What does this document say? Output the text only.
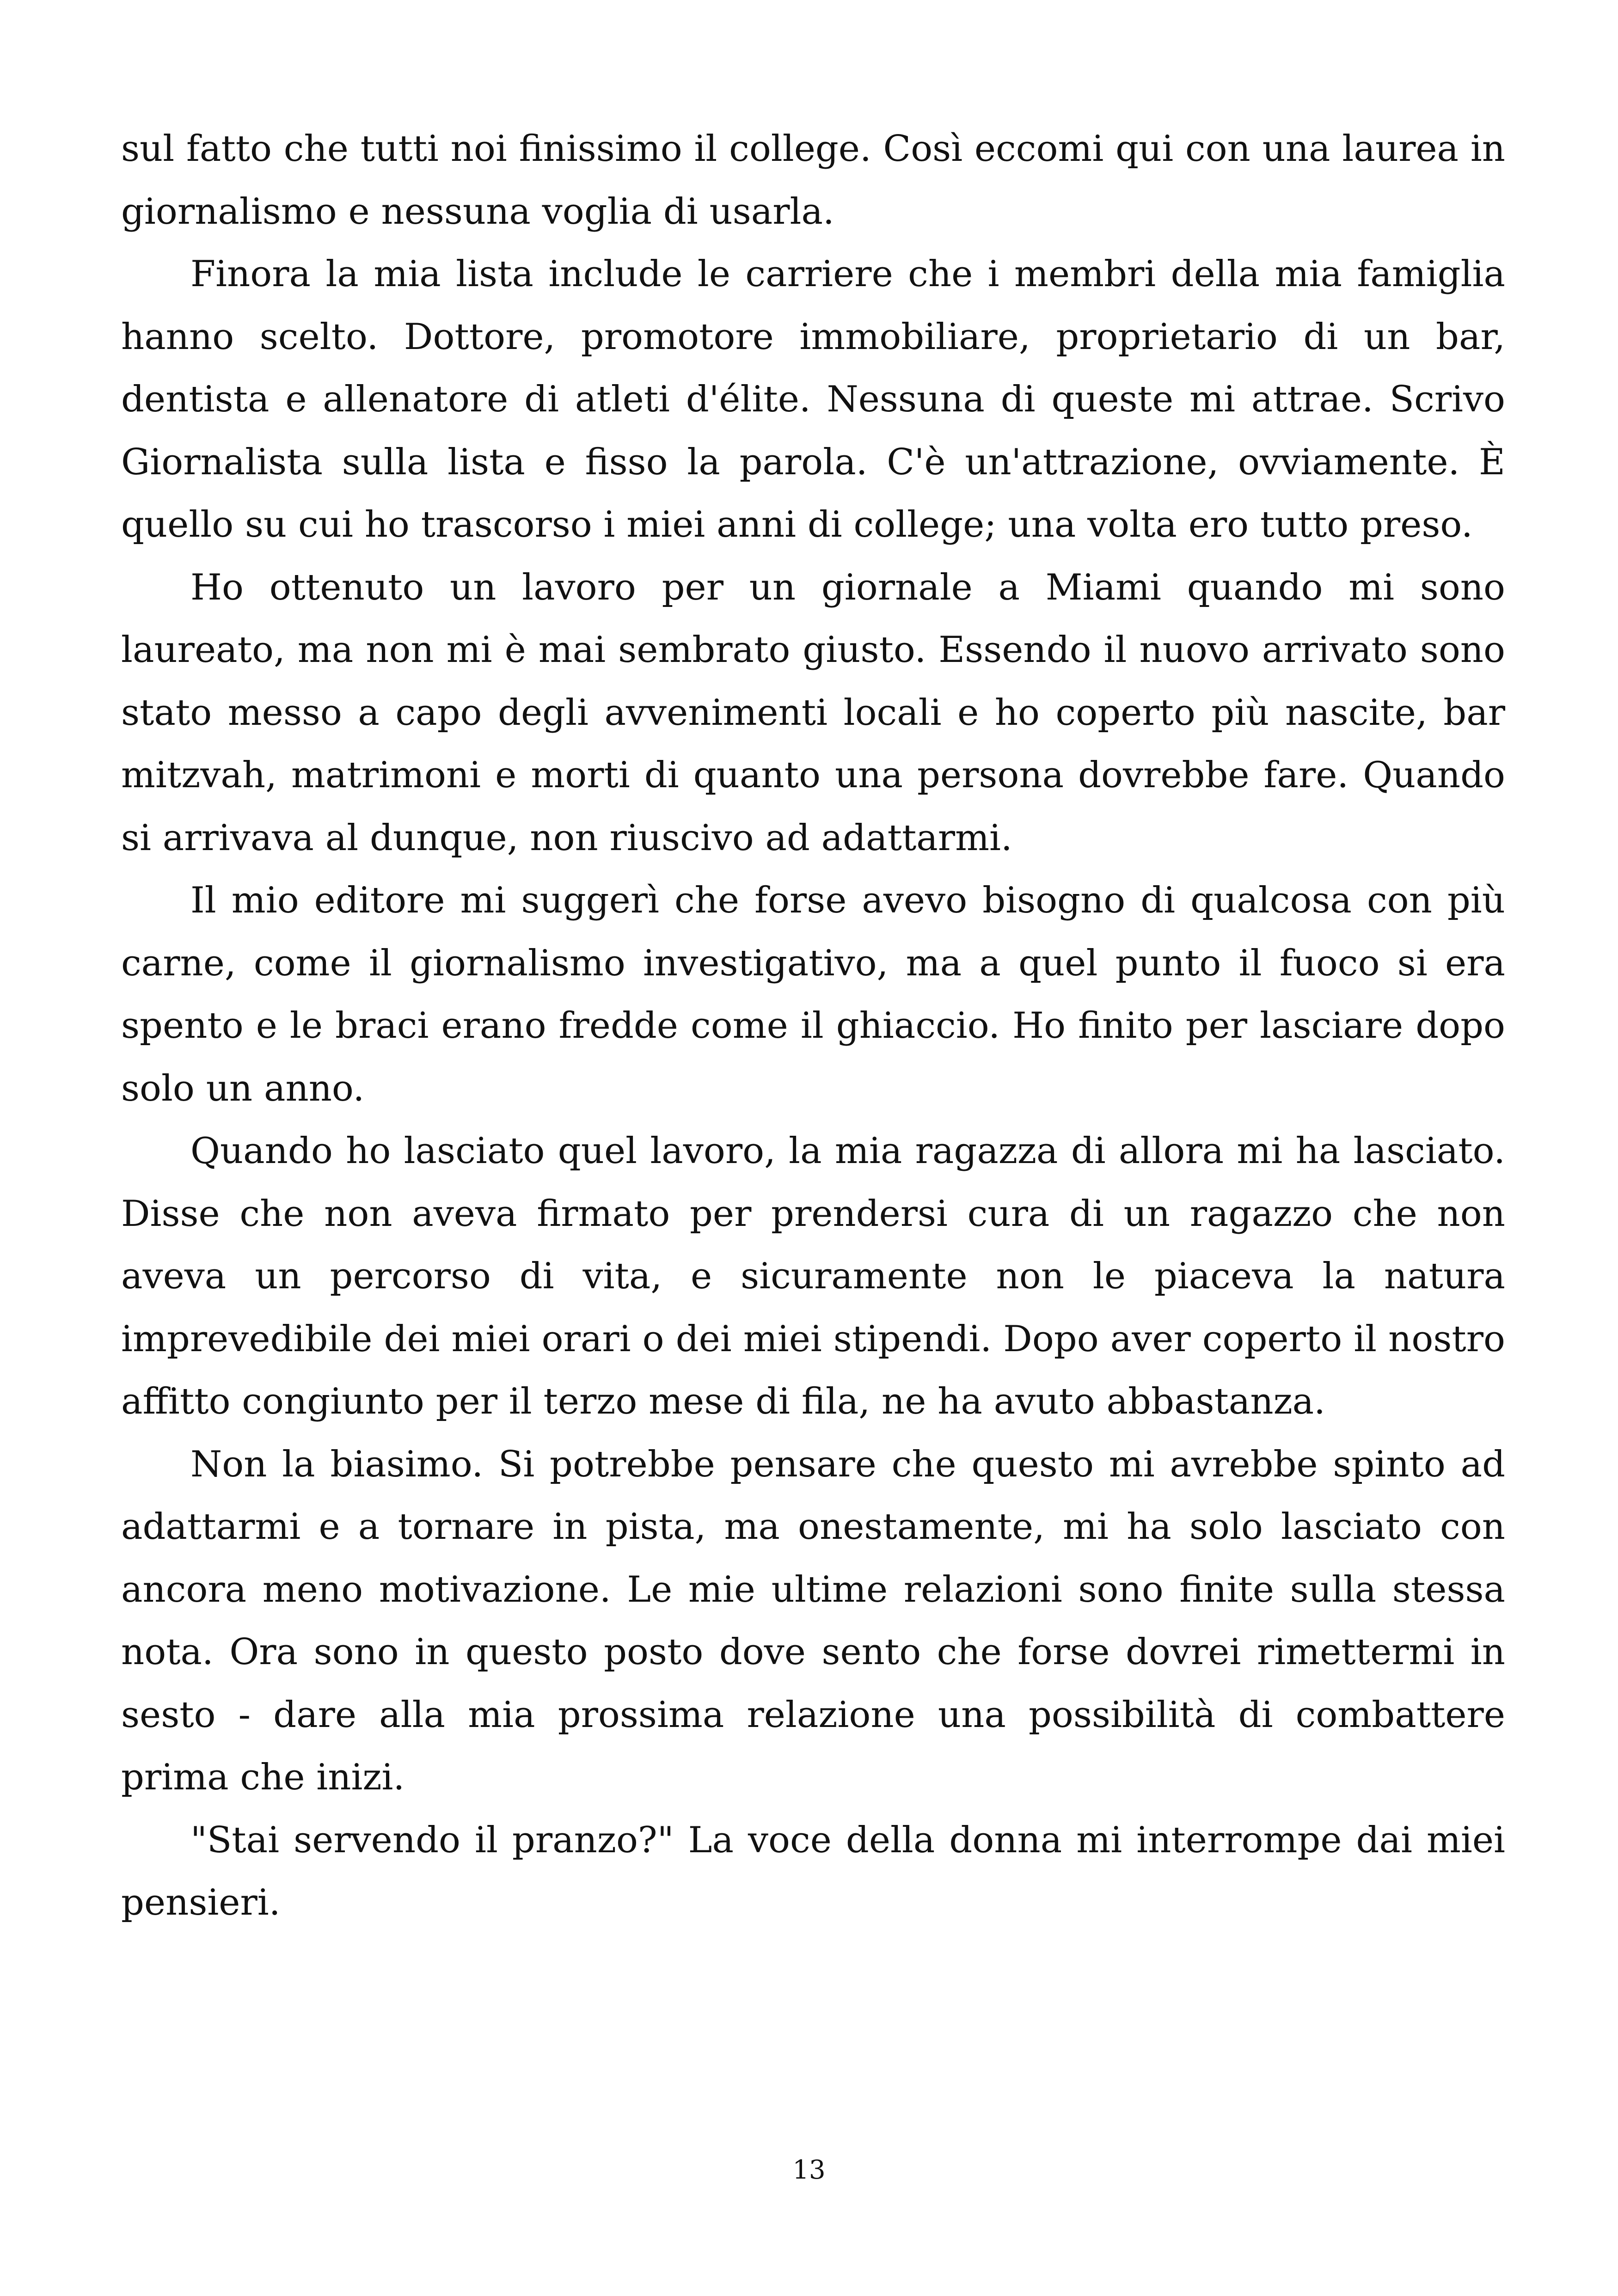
sul fatto che tutti noi finissimo il college. Così eccomi qui con una laurea in giornalismo e nessuna voglia di usarla.

Finora la mia lista include le carriere che i membri della mia famiglia hanno scelto. Dottore, promotore immobiliare, proprietario di un bar, dentista e allenatore di atleti d'élite. Nessuna di queste mi attrae. Scrivo Giornalista sulla lista e fisso la parola. C'è un'attrazione, ovviamente. È quello su cui ho trascorso i miei anni di college; una volta ero tutto preso.

Ho ottenuto un lavoro per un giornale a Miami quando mi sono laureato, ma non mi è mai sembrato giusto. Essendo il nuovo arrivato sono stato messo a capo degli avvenimenti locali e ho coperto più nascite, bar mitzvah, matrimoni e morti di quanto una persona dovrebbe fare. Quando si arrivava al dunque, non riuscivo ad adattarmi.

Il mio editore mi suggerì che forse avevo bisogno di qualcosa con più carne, come il giornalismo investigativo, ma a quel punto il fuoco si era spento e le braci erano fredde come il ghiaccio. Ho finito per lasciare dopo solo un anno.

Quando ho lasciato quel lavoro, la mia ragazza di allora mi ha lasciato. Disse che non aveva firmato per prendersi cura di un ragazzo che non aveva un percorso di vita, e sicuramente non le piaceva la natura imprevedibile dei miei orari o dei miei stipendi. Dopo aver coperto il nostro affitto congiunto per il terzo mese di fila, ne ha avuto abbastanza.

Non la biasimo. Si potrebbe pensare che questo mi avrebbe spinto ad adattarmi e a tornare in pista, ma onestamente, mi ha solo lasciato con ancora meno motivazione. Le mie ultime relazioni sono finite sulla stessa nota. Ora sono in questo posto dove sento che forse dovrei rimettermi in sesto - dare alla mia prossima relazione una possibilità di combattere prima che inizi.

"Stai servendo il pranzo?" La voce della donna mi interrompe dai miei pensieri.

13
